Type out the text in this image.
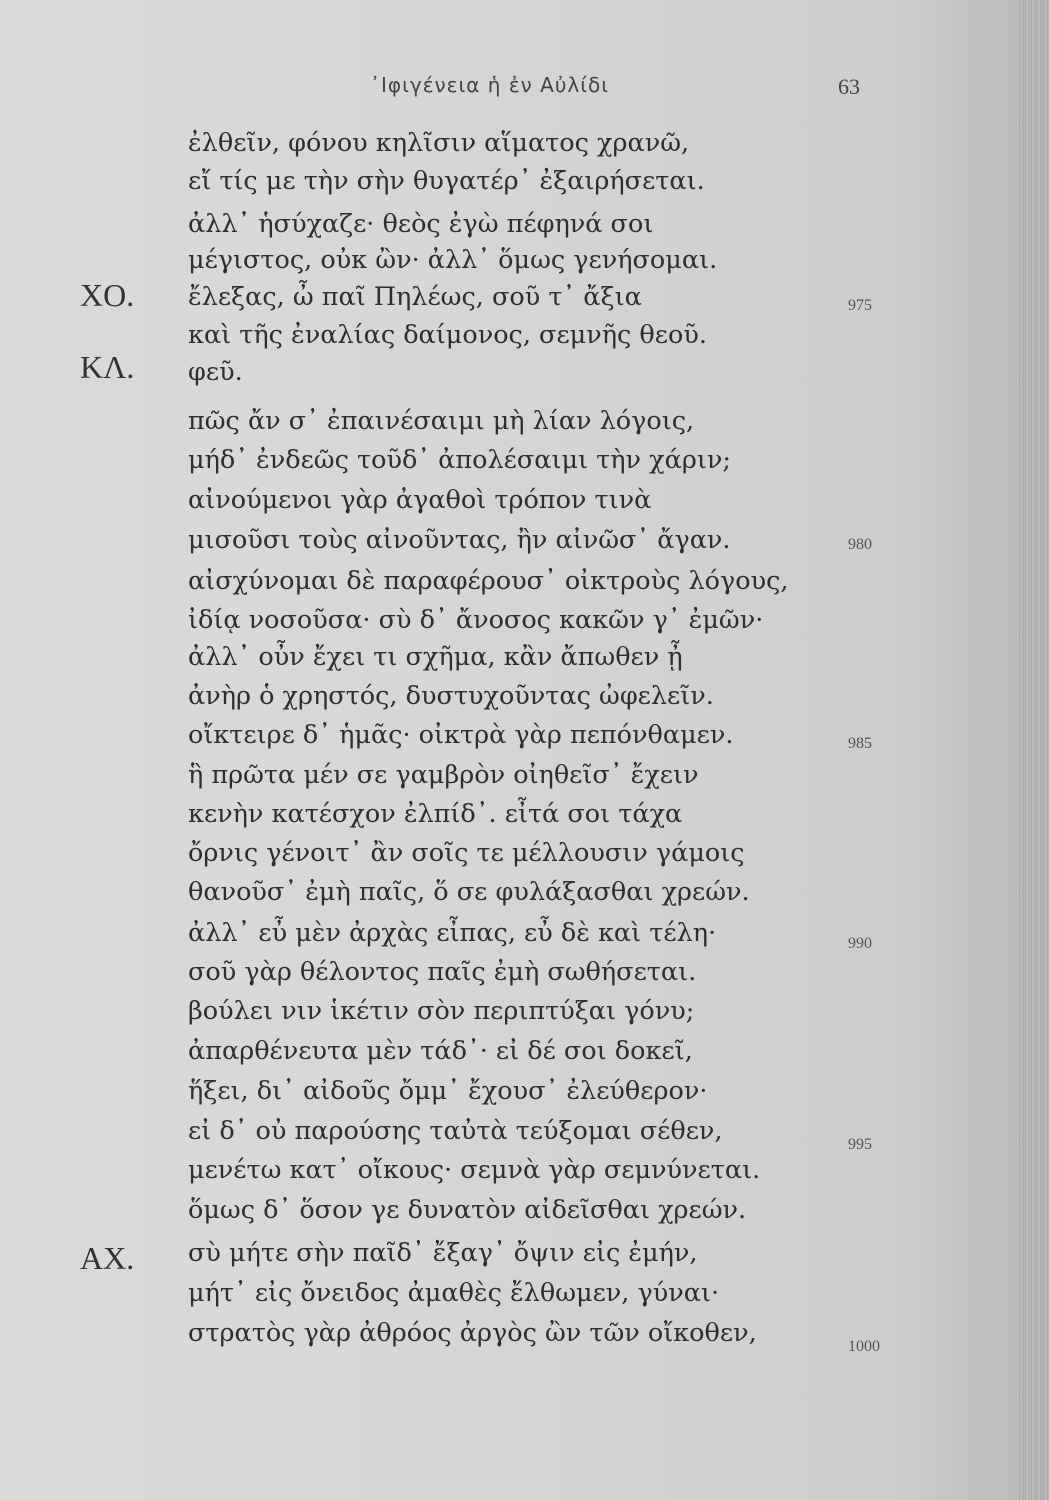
᾿Ιφιγένεια ἡ ἐν Αὐλίδι	63
ΧΟ.
ΚΛ.
ΑΧ.
ἐλθεῖν, φόνου κηλῖσιν αἵματος χρανῶ,
εἴ τίς με τὴν σὴν θυγατέρ᾿ ἐξαιρήσεται.
ἀλλ᾿ ἡσύχαζε· θεὸς ἐγὼ πέφηνά σοι
μέγιστος, οὐκ ὢν· ἀλλ᾿ ὅμως γενήσομαι.
ἔλεξας, ὦ παῖ Πηλέως, σοῦ τ᾿ ἄξια
καὶ τῆς ἐναλίας δαίμονος, σεμνῆς θεοῦ.
φεῦ.
πῶς ἄν σ᾿ ἐπαινέσαιμι μὴ λίαν λόγοις,
μήδ᾿ ἐνδεῶς τοῦδ᾿ ἀπολέσαιμι τὴν χάριν;
αἰνούμενοι γὰρ ἀγαθοὶ τρόπον τινὰ
μισοῦσι τοὺς αἰνοῦντας, ἢν αἰνῶσ᾿ ἄγαν.
αἰσχύνομαι δὲ παραφέρουσ᾿ οἰκτροὺς λόγους,
ἰδίᾳ νοσοῦσα· σὺ δ᾿ ἄνοσος κακῶν γ᾿ ἐμῶν·
ἀλλ᾿ οὖν ἔχει τι σχῆμα, κἂν ἄπωθεν ᾖ
ἀνὴρ ὁ χρηστός, δυστυχοῦντας ὠφελεῖν.
οἴκτειρε δ᾿ ἡμᾶς· οἰκτρὰ γὰρ πεπόνθαμεν.
ἣ πρῶτα μέν σε γαμβρὸν οἰηθεῖσ᾿ ἔχειν
κενὴν κατέσχον ἐλπίδ᾿. εἶτά σοι τάχα
ὄρνις γένοιτ᾿ ἂν σοῖς τε μέλλουσιν γάμοις
θανοῦσ᾿ ἐμὴ παῖς, ὅ σε φυλάξασθαι χρεών.
ἀλλ᾿ εὖ μὲν ἀρχὰς εἶπας, εὖ δὲ καὶ τέλη·
σοῦ γὰρ θέλοντος παῖς ἐμὴ σωθήσεται.
βούλει νιν ἱκέτιν σὸν περιπτύξαι γόνυ;
ἀπαρθένευτα μὲν τάδ᾿· εἰ δέ σοι δοκεῖ,
ἥξει, δι᾿ αἰδοῦς ὄμμ᾿ ἔχουσ᾿ ἐλεύθερον·
εἰ δ᾿ οὐ παρούσης ταὐτὰ τεύξομαι σέθεν,
μενέτω κατ᾿ οἴκους· σεμνὰ γὰρ σεμνύνεται.
ὅμως δ᾿ ὅσον γε δυνατὸν αἰδεῖσθαι χρεών.
σὺ μήτε σὴν παῖδ᾿ ἔξαγ᾿ ὄψιν εἰς ἐμήν,
μήτ᾿ εἰς ὄνειδος ἀμαθὲς ἔλθωμεν, γύναι·
στρατὸς γὰρ ἀθρόος ἀργὸς ὢν τῶν οἴκοθεν,
975
980
985
990
995
1000
